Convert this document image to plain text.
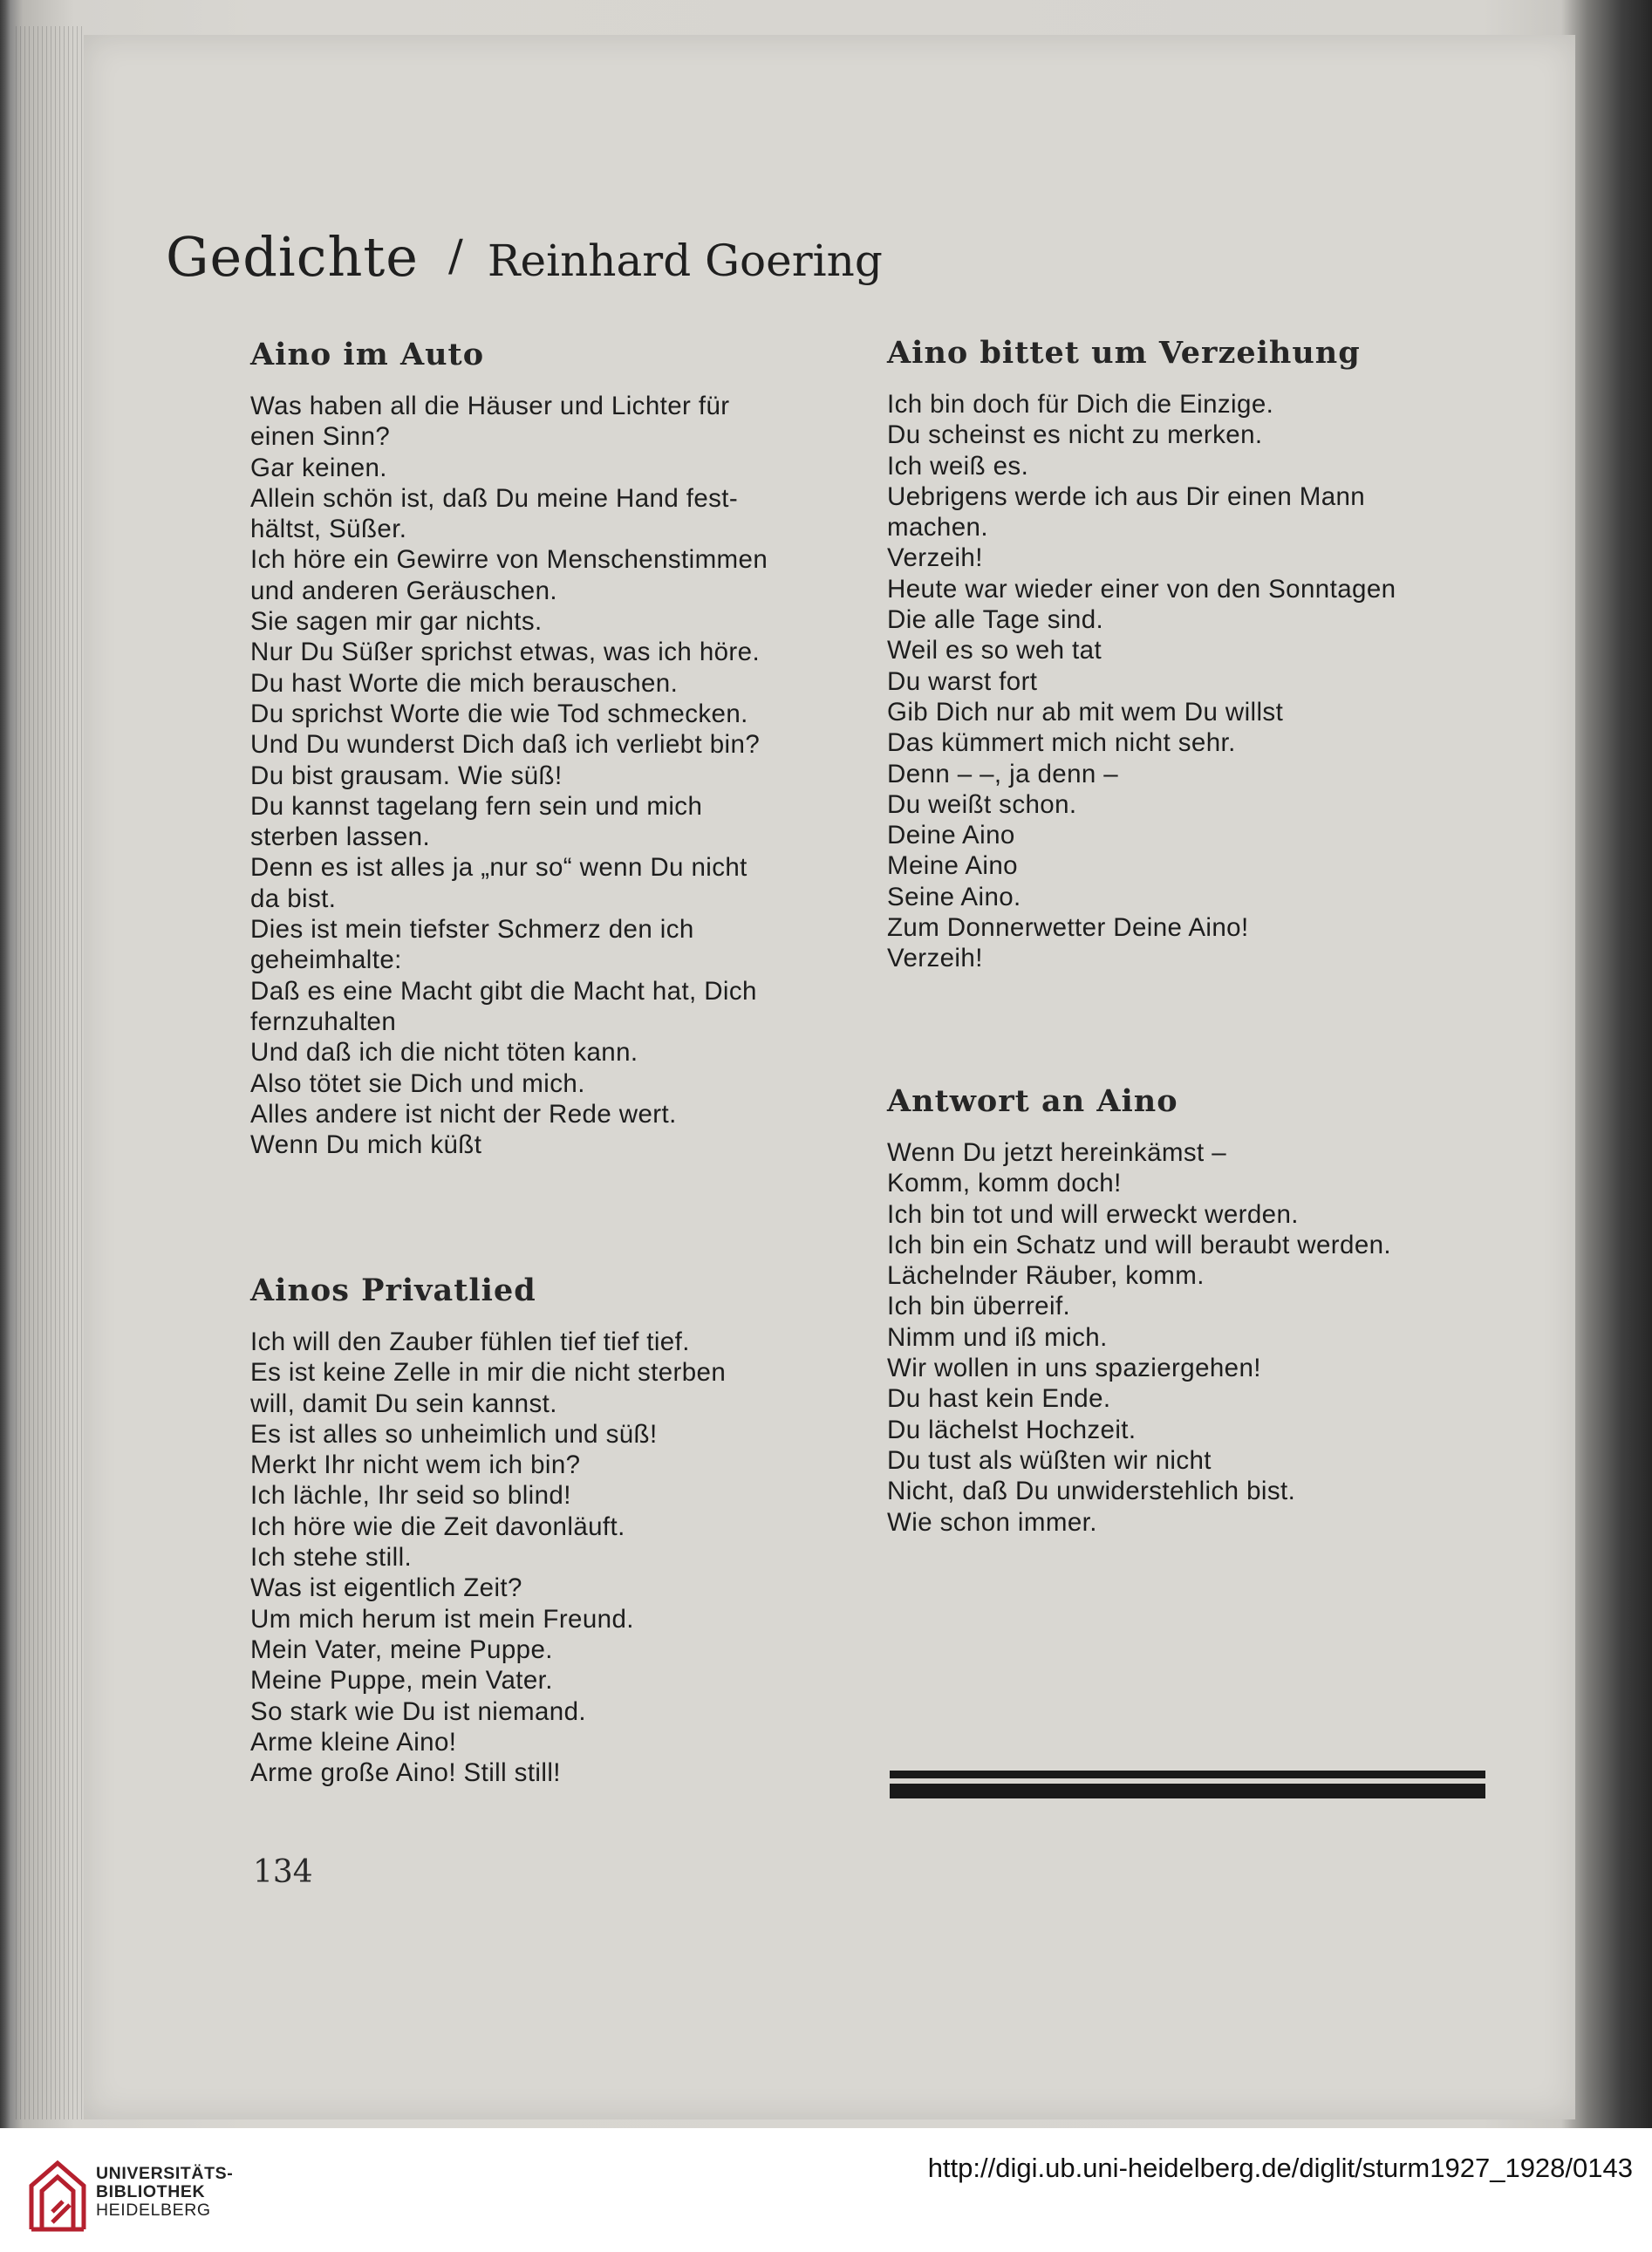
Gedichte / Reinhard Goering
Aino im Auto
Was haben all die Häuser und Lichter für
einen Sinn?
Gar keinen.
Allein schön ist, daß Du meine Hand fest-
hältst, Süßer.
Ich höre ein Gewirre von Menschenstimmen
und anderen Geräuschen.
Sie sagen mir gar nichts.
Nur Du Süßer sprichst etwas, was ich höre.
Du hast Worte die mich berauschen.
Du sprichst Worte die wie Tod schmecken.
Und Du wunderst Dich daß ich verliebt bin?
Du bist grausam. Wie süß!
Du kannst tagelang fern sein und mich
sterben lassen.
Denn es ist alles ja „nur so“ wenn Du nicht
da bist.
Dies ist mein tiefster Schmerz den ich
geheimhalte:
Daß es eine Macht gibt die Macht hat, Dich
fernzuhalten
Und daß ich die nicht töten kann.
Also tötet sie Dich und mich.
Alles andere ist nicht der Rede wert.
Wenn Du mich küßt
Ainos Privatlied
Ich will den Zauber fühlen tief tief tief.
Es ist keine Zelle in mir die nicht sterben
will, damit Du sein kannst.
Es ist alles so unheimlich und süß!
Merkt Ihr nicht wem ich bin?
Ich lächle, Ihr seid so blind!
Ich höre wie die Zeit davonläuft.
Ich stehe still.
Was ist eigentlich Zeit?
Um mich herum ist mein Freund.
Mein Vater, meine Puppe.
Meine Puppe, mein Vater.
So stark wie Du ist niemand.
Arme kleine Aino!
Arme große Aino! Still still!
Aino bittet um Verzeihung
Ich bin doch für Dich die Einzige.
Du scheinst es nicht zu merken.
Ich weiß es.
Uebrigens werde ich aus Dir einen Mann
machen.
Verzeih!
Heute war wieder einer von den Sonntagen
Die alle Tage sind.
Weil es so weh tat
Du warst fort
Gib Dich nur ab mit wem Du willst
Das kümmert mich nicht sehr.
Denn – –, ja denn –
Du weißt schon.
Deine Aino
Meine Aino
Seine Aino.
Zum Donnerwetter Deine Aino!
Verzeih!
Antwort an Aino
Wenn Du jetzt hereinkämst –
Komm, komm doch!
Ich bin tot und will erweckt werden.
Ich bin ein Schatz und will beraubt werden.
Lächelnder Räuber, komm.
Ich bin überreif.
Nimm und iß mich.
Wir wollen in uns spaziergehen!
Du hast kein Ende.
Du lächelst Hochzeit.
Du tust als wüßten wir nicht
Nicht, daß Du unwiderstehlich bist.
Wie schon immer.
134
UNIVERSITÄTS-
BIBLIOTHEK
HEIDELBERG
http://digi.ub.uni-heidelberg.de/diglit/sturm1927_1928/0143
